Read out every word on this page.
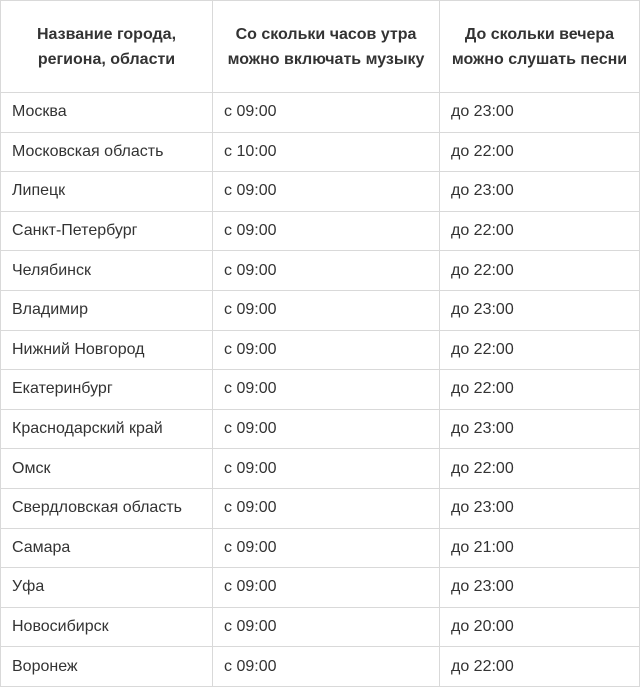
Название города, региона, области	Со скольки часов утра можно включать музыку	До скольки вечера можно слушать песни
Москва	с 09:00	до 23:00
Московская область	с 10:00	до 22:00
Липецк	с 09:00	до 23:00
Санкт-Петербург	с 09:00	до 22:00
Челябинск	с 09:00	до 22:00
Владимир	с 09:00	до 23:00
Нижний Новгород	с 09:00	до 22:00
Екатеринбург	с 09:00	до 22:00
Краснодарский край	с 09:00	до 23:00
Омск	с 09:00	до 22:00
Свердловская область	с 09:00	до 23:00
Самара	с 09:00	до 21:00
Уфа	с 09:00	до 23:00
Новосибирск	с 09:00	до 20:00
Воронеж	с 09:00	до 22:00
